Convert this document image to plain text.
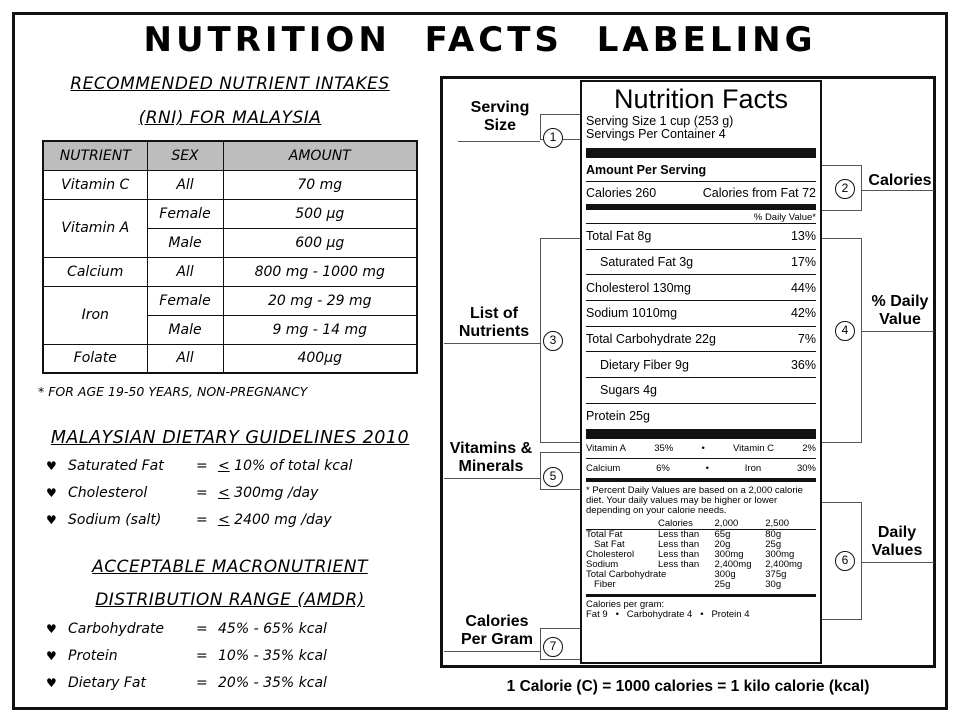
NUTRITION FACTS LABELING
RECOMMENDED NUTRIENT INTAKES
(RNI) FOR MALAYSIA
NUTRIENT	SEX	AMOUNT
Vitamin C	All	70 mg
Vitamin A	Female	500 μg
	Male	600 μg
Calcium	All	800 mg - 1000 mg
Iron	Female	20 mg - 29 mg
	Male	9 mg - 14 mg
Folate	All	400μg
* FOR AGE 19-50 YEARS, NON-PREGNANCY
MALAYSIAN DIETARY GUIDELINES 2010
♥ Saturated Fat	= < 10% of total kcal
♥ Cholesterol	= < 300mg /day
♥ Sodium (salt)	= < 2400 mg /day
ACCEPTABLE MACRONUTRIENT
DISTRIBUTION RANGE (AMDR)
♥ Carbohydrate	= 45% - 65% kcal
♥ Protein	= 10% - 35% kcal
♥ Dietary Fat	= 20% - 35% kcal
Nutrition Facts
Serving Size 1 cup (253 g)
Servings Per Container 4
Amount Per Serving
Calories 260	Calories from Fat 72
% Daily Value*
Total Fat 8g	13%
Saturated Fat 3g	17%
Cholesterol 130mg	44%
Sodium 1010mg	42%
Total Carbohydrate 22g	7%
Dietary Fiber 9g	36%
Sugars 4g
Protein 25g
Vitamin A	35%	•	Vitamin C	2%
Calcium	6%	•	Iron	30%
* Percent Daily Values are based on a 2,000 calorie diet. Your daily values may be higher or lower depending on your calorie needs.
	Calories	2,000	2,500
Total Fat	Less than	65g	80g
Sat Fat	Less than	20g	25g
Cholesterol	Less than	300mg	300mg
Sodium	Less than	2,400mg	2,400mg
Total Carbohydrate		300g	375g
Fiber		25g	30g
Calories per gram:
Fat 9   •   Carbohydrate 4   •   Protein 4
Serving Size
1
List of Nutrients	3
Vitamins & Minerals
5
Calories Per Gram	7
2	Calories
4
% Daily Value
6
Daily Values
1 Calorie (C) = 1000 calories = 1 kilo calorie (kcal)
